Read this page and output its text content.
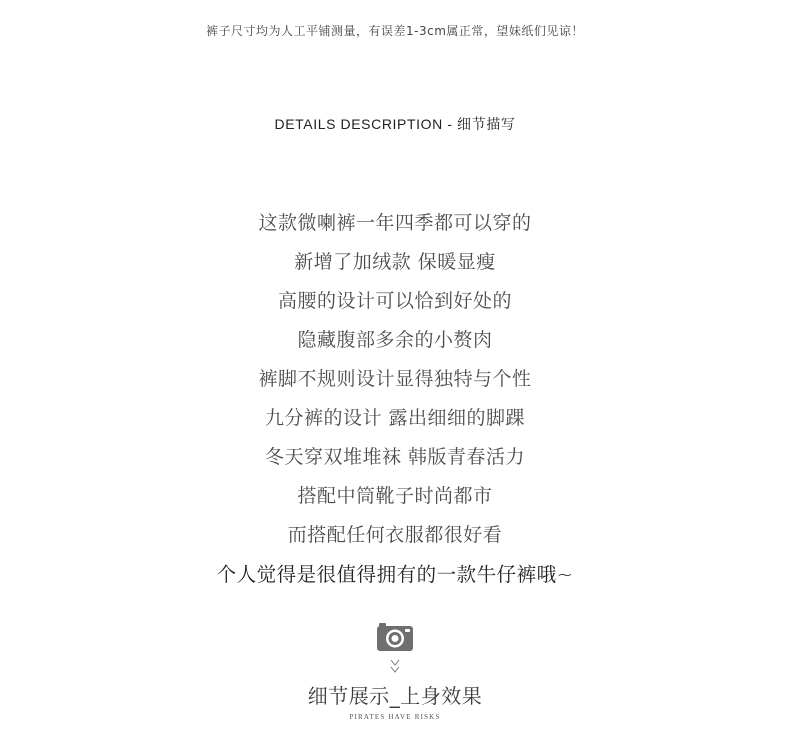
裤子尺寸均为人工平铺测量，有误差1-3cm属正常，望妹纸们见谅！
DETAILS DESCRIPTION - 细节描写
这款微喇裤一年四季都可以穿的
新增了加绒款 保暖显瘦
高腰的设计可以恰到好处的
隐藏腹部多余的小赘肉
裤脚不规则设计显得独特与个性
九分裤的设计 露出细细的脚踝
冬天穿双堆堆袜 韩版青春活力
搭配中筒靴子时尚都市
而搭配任何衣服都很好看
个人觉得是很值得拥有的一款牛仔裤哦~
细节展示_上身效果
PIRATES HAVE RISKS
